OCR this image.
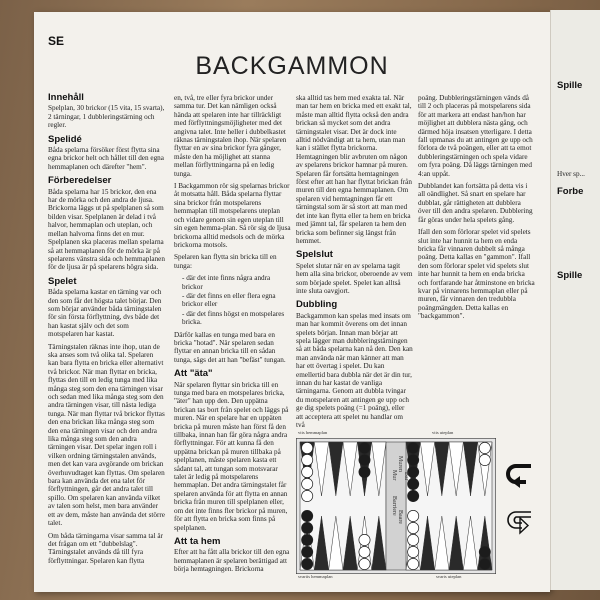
SE
BACKGAMMON
Innehåll

Spelplan, 30 brickor (15 vita, 15 svarta), 2 tärningar, 1 dubbleringstärning och regler.

Spelidé

Båda spelarna försöker först flytta sina egna brickor helt och hållet till den egna hemmaplanen och därefter "hem".

Förberedelser

Båda spelarna har 15 brickor, den ena har de mörka och den andra de ljusa. Brickorna läggs ut på spelplanen så som bilden visar. Spelplanen är delad i två halvor, hemmaplan och uteplan, och mellan halvorna finns det en mur. Spelplanen ska placeras mellan spelarna så att hemmaplanen för de mörka är på spelarens vänstra sida och hemmaplanen för de ljusa är på spelarens högra sida.

Spelet

Båda spelarna kastar en tärning var och den som får det högsta talet börjar. Den som börjar använder båda tärningstalen för sin första förflyttning, dvs både det han kastat själv och det som motspelaren har kastat.

Tärningstalen räknas inte ihop, utan de ska anses som två olika tal. Spelaren kan bara flytta en bricka eller alternativt två brickor. När man flyttar en bricka, flyttas den till en ledig tunga med lika många steg som den ena tärningen visar och sedan med lika många steg som den andra tärningen visar, till nästa lediga tunga. När man flyttar två brickor flyttas den ena brickan lika många steg som den ena tärningen visar och den andra lika många steg som den andra tärningen visar. Det spelar ingen roll i vilken ordning tärningstalen används, men det kan vara avgörande om brickan överhuvudtaget kan flyttas. Om spelaren bara kan använda det ena talet för förflyttningen, går det andra talet till spillo. Om spelaren kan använda vilket av talen som helst, men bara använder ett av dem, måste han använda det större talet.

Om båda tärningarna visar samma tal är det frågan om ett "dubbelslag". Tärningstalet används då till fyra förflyttningar. Spelaren kan flytta

en, två, tre eller fyra brickor under samma tur. Det kan nämligen också hända att spelaren inte har tillräckligt med förflyttningsmöjligheter med det angivna talet. Inte heller i dubbelkastet räknas tärningstalen ihop. När spelaren flyttar en av sina brickor fyra gånger, måste den ha möjlighet att stanna mellan förflyttningarna på en ledig tunga.

I Backgammon rör sig spelarnas brickor åt motsatta håll. Båda spelarna flyttar sina brickor från motspelarens hemmaplan till motspelarens uteplan och vidare genom sin egen uteplan till sin egen hemma-plan. Så rör sig de ljusa brickorna alltid medsols och de mörka brickorna motsols.

Spelaren kan flytta sin bricka till en tunga:

- där det inte finns några andra brickor
- där det finns en eller flera egna brickor eller
- där det finns högst en motspelares bricka.

Därför kallas en tunga med bara en bricka "hotad". När spelaren sedan flyttar en annan bricka till en sådan tunga, sägs det att han "befäst" tungan.

Att "äta"

När spelaren flyttar sin bricka till en tunga med bara en motspelares bricka, "äter" han upp den. Den uppätna brickan tas bort från spelet och läggs på muren. När en spelare har en uppäten bricka på muren måste han först få den tillbaka, innan han får göra några andra förflyttningar. För att kunna få den uppätna brickan på muren tillbaka på spelplanen, måste spelaren kasta ett sådant tal, att tungan som motsvarar talet är ledig på motspelarens hemmaplan. Det andra tärningstalet får spelaren använda för att flytta en annan bricka från muren till spelplanen eller, om det inte finns fler brickor på muren, för att flytta en bricka som finns på spelplanen.

Att ta hem

Efter att ha fått alla brickor till den egna hemmaplanen är spelaren berättigad att börja hemtagningen. Brickorna

ska alltid tas hem med exakta tal. När man tar hem en bricka med ett exakt tal, måste man alltid flytta också den andra brickan så mycket som det andra tärningstalet visar. Det är dock inte alltid nödvändigt att ta hem, utan man kan i stället flytta brickorna. Hemtagningen blir avbruten om någon av spelarens brickor hamnar på muren. Spelaren får fortsätta hemtagningen först efter att han har flyttat brickan från muren till den egna hemmaplanen. Om spelaren vid hemtagningen får ett tärningstal som är så stort att man med det inte kan flytta eller ta hem en bricka med jämnt tal, får spelaren ta hem den bricka som befinner sig längst från hemmet.

Spelslut

Spelet slutar när en av spelarna tagit hem alla sina brickor, oberoende av vem som började spelet. Spelet kan alltså inte sluta oavgjort.

Dubbling

Backgammon kan spelas med insats om man har kommit överens om det innan spelets början. Innan man börjar att spela lägger man dubbleringstärningen så att båda spelarna kan nå den. Den kan man använda när man känner att man har ett övertag i spelet. Du kan emellertid bara dubbla när det är din tur, innan du har kastat de vanliga tärningarna. Genom att dubbla tvingar du motspelaren att antingen ge upp och ge dig spelets poäng (=1 poäng), eller att acceptera att spelet nu handlar om två

poäng. Dubbleringstärningen vänds då till 2 och placeras på motspelarens sida för att markera att endast han/hon har möjlighet att dubblera nästa gång, och därmed höja insatsen ytterligare. I detta fall upmanas du att antingen ge upp och förlora de två poängen, eller att ta emot dubbleringstärningen och spela vidare om fyra poäng. Då läggs tärningen med 4:an uppåt.

Dubblandet kan fortsätta på detta vis i all oändlighet. Så snart en spelare har dubblat, går rättigheten att dubblera över till den andra spelaren. Dubblering får göras under hela spelets gång.

Ifall den som förlorar spelet vid spelets slut inte har hunnit ta hem en enda bricka får vinnaren dubbelt så många poäng. Detta kallas en "gammon". Ifall den som förlorar spelet vid spelets slut inte har hunnit ta hem en enda bricka och fortfarande har åtminstone en bricka kvar på vinnarens hemmaplan eller på muren, får vinnaren den tredubbla poängmängden. Detta kallas en "backgammon".

vits hemmaplan	vits uteplan
Mur
Muren
Bar
Barriere
Baare
svartis hemmaplan	svarts uteplan
Spille
Hver sp...
Forbe
Spille
